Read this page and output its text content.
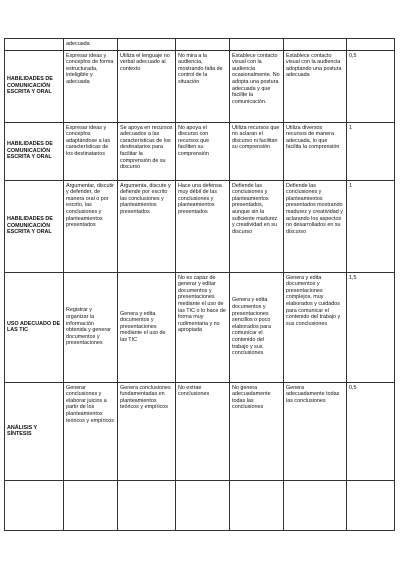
	adecuada					
HABILIDADES DE COMUNICACIÓN ESCRITA Y ORAL	Expresar ideas y conceptos de forma estructurada, inteligible y adecuada	Utiliza el lenguaje no verbal adecuado al contexto	No mira a la audiencia, mostrando falta de control de la situación	Establece contacto visual con la audiencia ocasionalmente. No adopta una postura adecuada y que facilite la comunicación.	Establece contacto visual con la audiencia adoptando una postura adecuada	0,5
HABILIDADES DE COMUNICACIÓN ESCRITA Y ORAL	Expresar ideas y conceptos adaptándose a las características de los destinatarios	Se apoya en recursos adecuados a las características de los destinatarios para facilitar la comprensión de su discurso	No apoya el discurso con recursos que faciliten su comprensión	Utiliza recursos que no aclaran el discurso ni facilitan su comprensión	Utiliza diversos recursos de manera adecuada, lo que facilita la comprensión	1
HABILIDADES DE COMUNICACIÓN ESCRITA Y ORAL	Argumentar, discutir y defender, de manera oral o por escrito, las conclusiones y planteamientos presentados	Argumenta, discute y defiende por escrito las conclusiones y planteamientos presentados	Hace una defensa muy débil de las conclusiones y planteamientos presentados	Defiende las conclusiones y planteamientos presentados, aunque sin la suficiente madurez y creatividad en su discurso	Defiende las conclusiones y planteamientos presentados mostrando madurez y creatividad y aclarando los aspectos no desarrollados en su discurso	1
USO ADECUADO DE LAS TIC	Registrar y organizar la información obtenida y generar documentos y presentaciones	Genera y edita documentos y presentaciones mediante el uso de las TIC	No es capaz de generar y editar documentos y presentaciones mediante el uso de las TIC o lo hace de forma muy rudimentaria y no apropiada	Genera y edita documentos y presentaciones sencillos o poco elaborados para comunicar el contenido del trabajo y sus conclusiones	Genera y edita documentos y presentaciones complejos, muy elaborados y cuidados para comunicar el contenido del trabajo y sus conclusiones	1,5
ANÁLISIS Y SÍNTESIS	Generar conclusiones y elaborar juicios a partir de los planteamientos teóricos y empíricos	Genera conclusiones fundamentadas en planteamientos teóricos y empíricos	No extrae conclusiones	No genera adecuadamente todas las conclusiones	Genera adecuadamente todas las conclusiones	0,5
